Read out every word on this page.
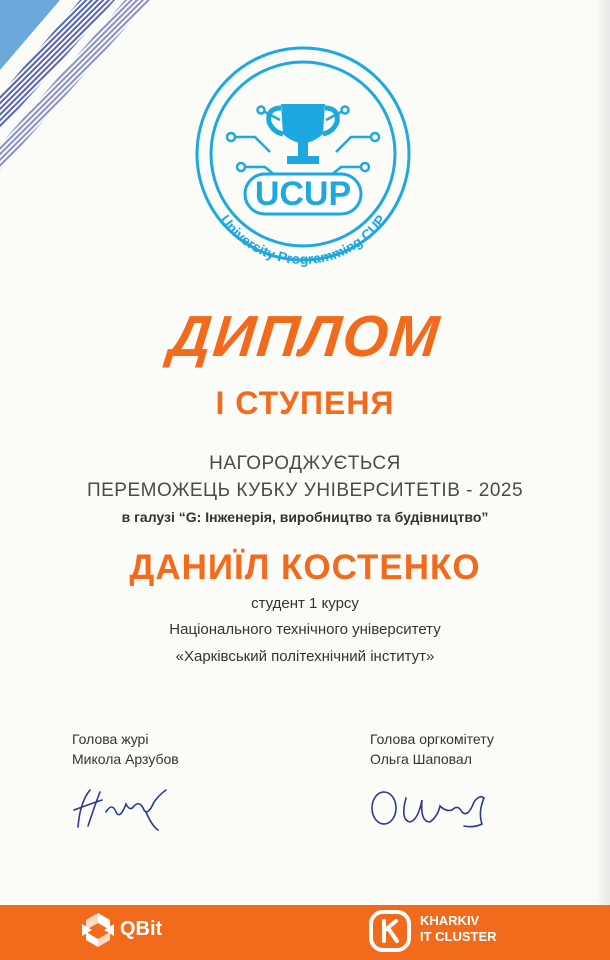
UCUP
University Programming CUP
ДИПЛОМ
І СТУПЕНЯ
НАГОРОДЖУЄТЬСЯ
ПЕРЕМОЖЕЦЬ КУБКУ УНІВЕРСИТЕТІВ - 2025
в галузі “G: Інженерія, виробництво та будівництво”
ДАНИЇЛ КОСТЕНКО
студент 1 курсу
Національного технічного університету
«Харківський політехнічний інститут»
Голова журі
Микола Арзубов
Голова оргкомітету
Ольга Шаповал
QBit	KHARKIV
IT CLUSTER
